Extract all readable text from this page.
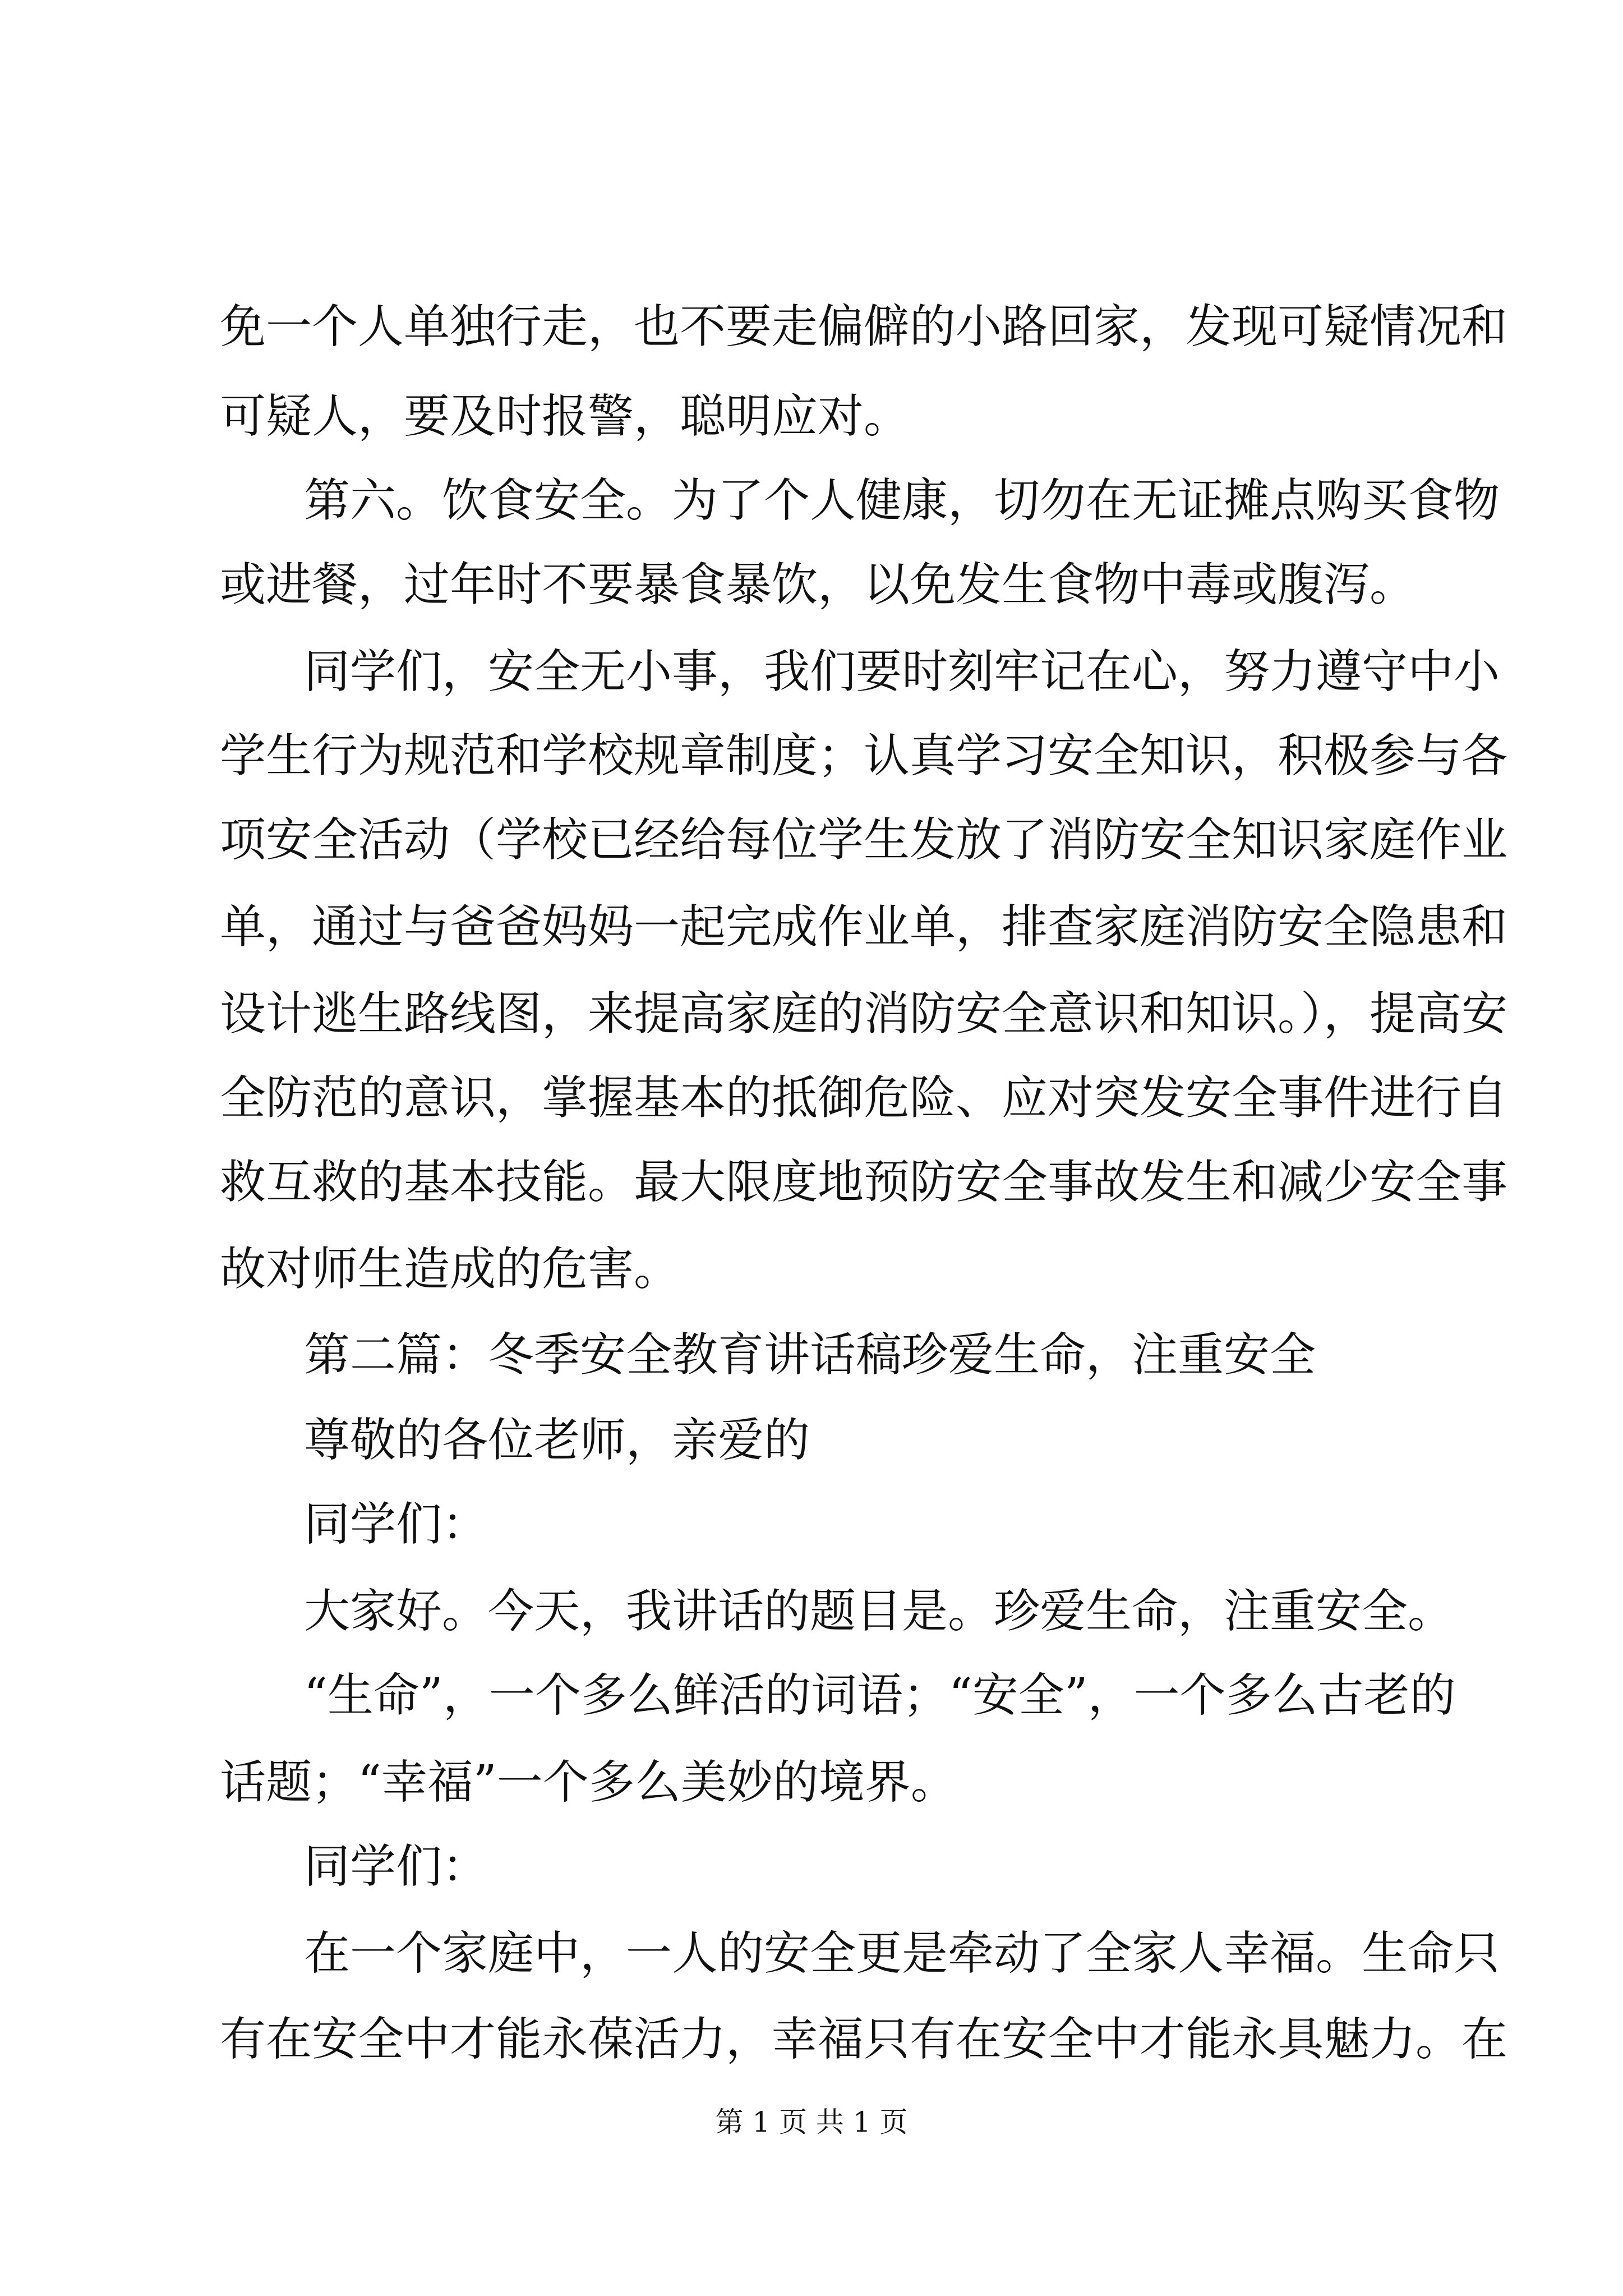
免一个人单独行走，也不要走偏僻的小路回家，发现可疑情况和
可疑人，要及时报警，聪明应对。
第六。饮食安全。为了个人健康，切勿在无证摊点购买食物
或进餐，过年时不要暴食暴饮，以免发生食物中毒或腹泻。
同学们，安全无小事，我们要时刻牢记在心，努力遵守中小
学生行为规范和学校规章制度；认真学习安全知识，积极参与各
项安全活动（学校已经给每位学生发放了消防安全知识家庭作业
单，通过与爸爸妈妈一起完成作业单，排查家庭消防安全隐患和
设计逃生路线图，来提高家庭的消防安全意识和知识。），提高安
全防范的意识，掌握基本的抵御危险、应对突发安全事件进行自
救互救的基本技能。最大限度地预防安全事故发生和减少安全事
故对师生造成的危害。
第二篇：冬季安全教育讲话稿珍爱生命，注重安全
尊敬的各位老师，亲爱的
同学们：
大家好。今天，我讲话的题目是。珍爱生命，注重安全。
“生命”，一个多么鲜活的词语；“安全”，一个多么古老的
话题；“幸福”一个多么美妙的境界。
同学们：
在一个家庭中，一人的安全更是牵动了全家人幸福。生命只
有在安全中才能永葆活力，幸福只有在安全中才能永具魅力。在
第 1 页 共 1 页
